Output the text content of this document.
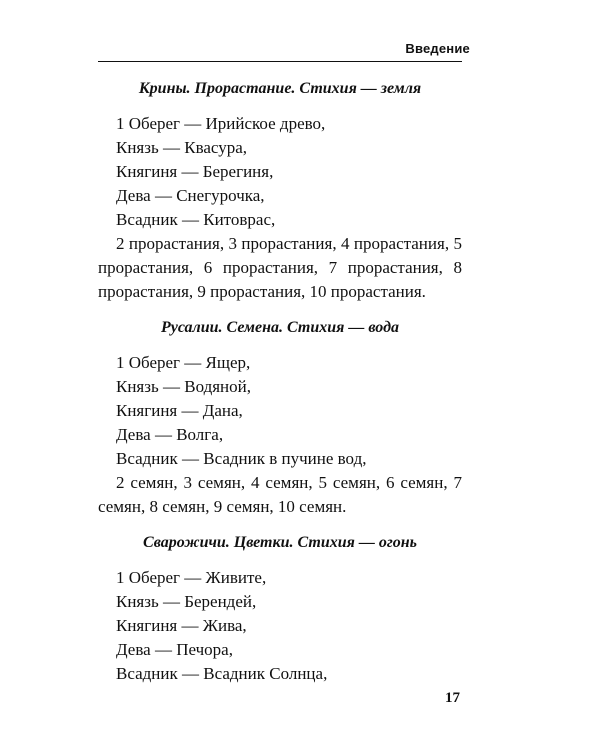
Введение
Крины. Прорастание. Стихия — земля
1 Оберег — Ирийское древо,
Князь — Квасура,
Княгиня — Берегиня,
Дева — Снегурочка,
Всадник — Китоврас,

2 прорастания, 3 прорастания, 4 прорастания, 5 прорастания, 6 прорастания, 7 прорастания, 8 прорастания, 9 прорастания, 10 прорастания.

Русалии. Семена. Стихия — вода
1 Оберег — Ящер,
Князь — Водяной,
Княгиня — Дана,
Дева — Волга,
Всадник — Всадник в пучине вод,

2 семян, 3 семян, 4 семян, 5 семян, 6 семян, 7 семян, 8 семян, 9 семян, 10 семян.

Сварожичи. Цветки. Стихия — огонь
1 Оберег — Живите,
Князь — Берендей,
Княгиня — Жива,
Дева — Печора,
Всадник — Всадник Солнца,
17
